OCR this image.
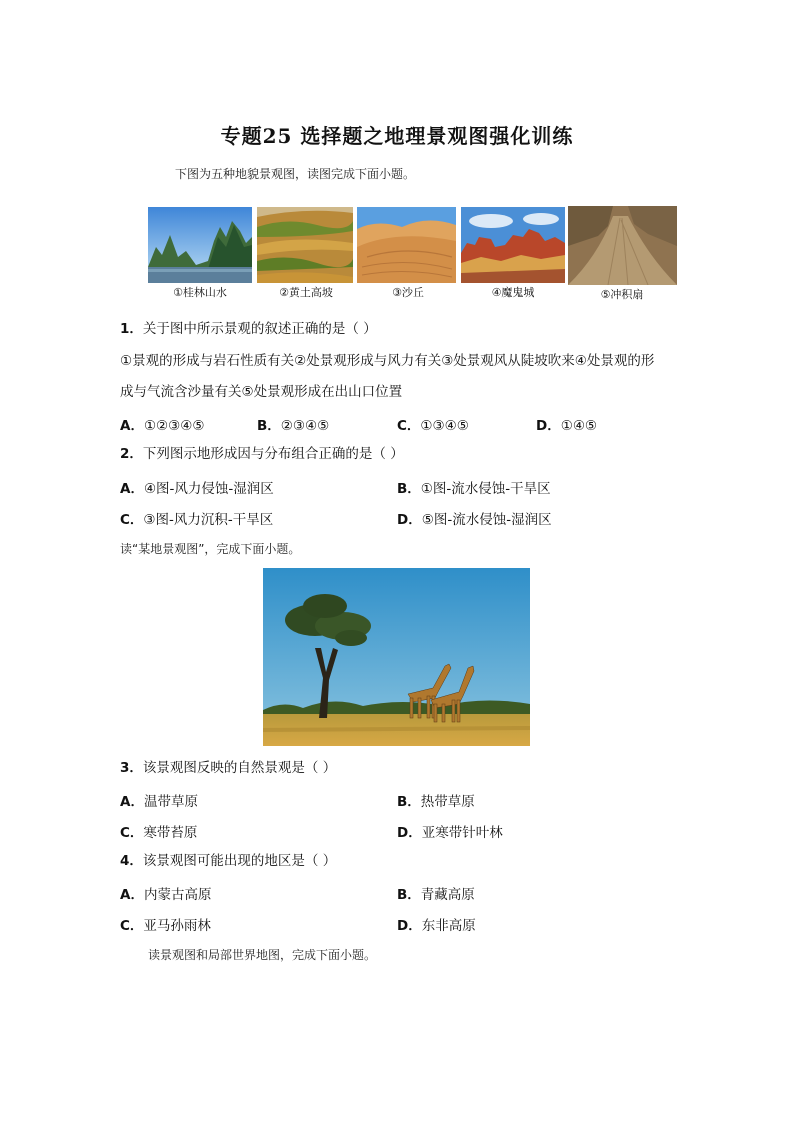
专题25 选择题之地理景观图强化训练
下图为五种地貌景观图，读图完成下面小题。
①桂林山水	②黄土高坡	③沙丘	④魔鬼城	⑤冲积扇
1．关于图中所示景观的叙述正确的是（ ）
①景观的形成与岩石性质有关②处景观形成与风力有关③处景观风从陡坡吹来④处景观的形
成与气流含沙量有关⑤处景观形成在出山口位置
A．①②③④⑤	B．②③④⑤	C．①③④⑤	D．①④⑤
2．下列图示地形成因与分布组合正确的是（ ）
A．④图-风力侵蚀-湿润区	B．①图-流水侵蚀-干旱区
C．③图-风力沉积-干旱区	D．⑤图-流水侵蚀-湿润区
读“某地景观图”，完成下面小题。
3．该景观图反映的自然景观是（ ）
A．温带草原	B．热带草原
C．寒带苔原	D．亚寒带针叶林
4．该景观图可能出现的地区是（ ）
A．内蒙古高原	B．青藏高原
C．亚马孙雨林	D．东非高原
读景观图和局部世界地图，完成下面小题。
